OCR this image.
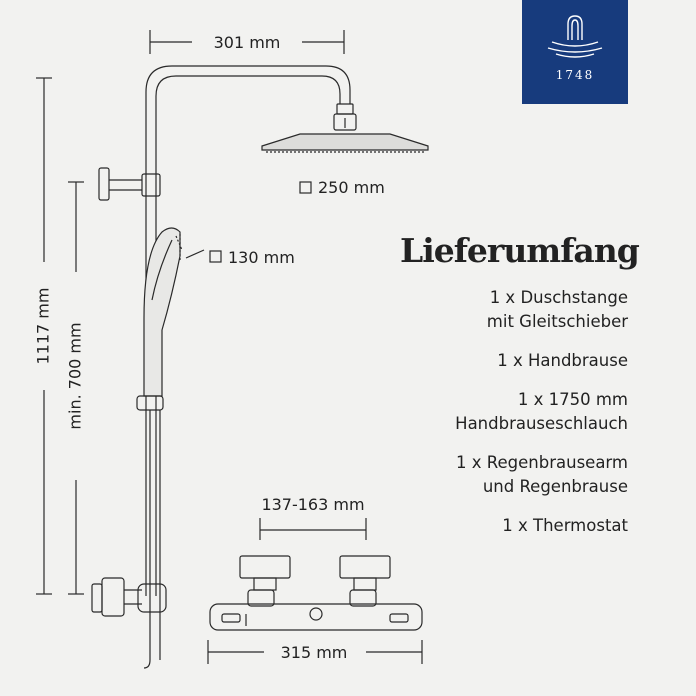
1117 mm min. 700 mm
301 mm
250 mm
130 mm
137-163 mm
315 mm
1748
Lieferumfang
1 x Duschstange
mit Gleitschieber
1 x Handbrause
1 x 1750 mm
Handbrauseschlauch
1 x Regenbrausearm
und Regenbrause
1 x Thermostat
